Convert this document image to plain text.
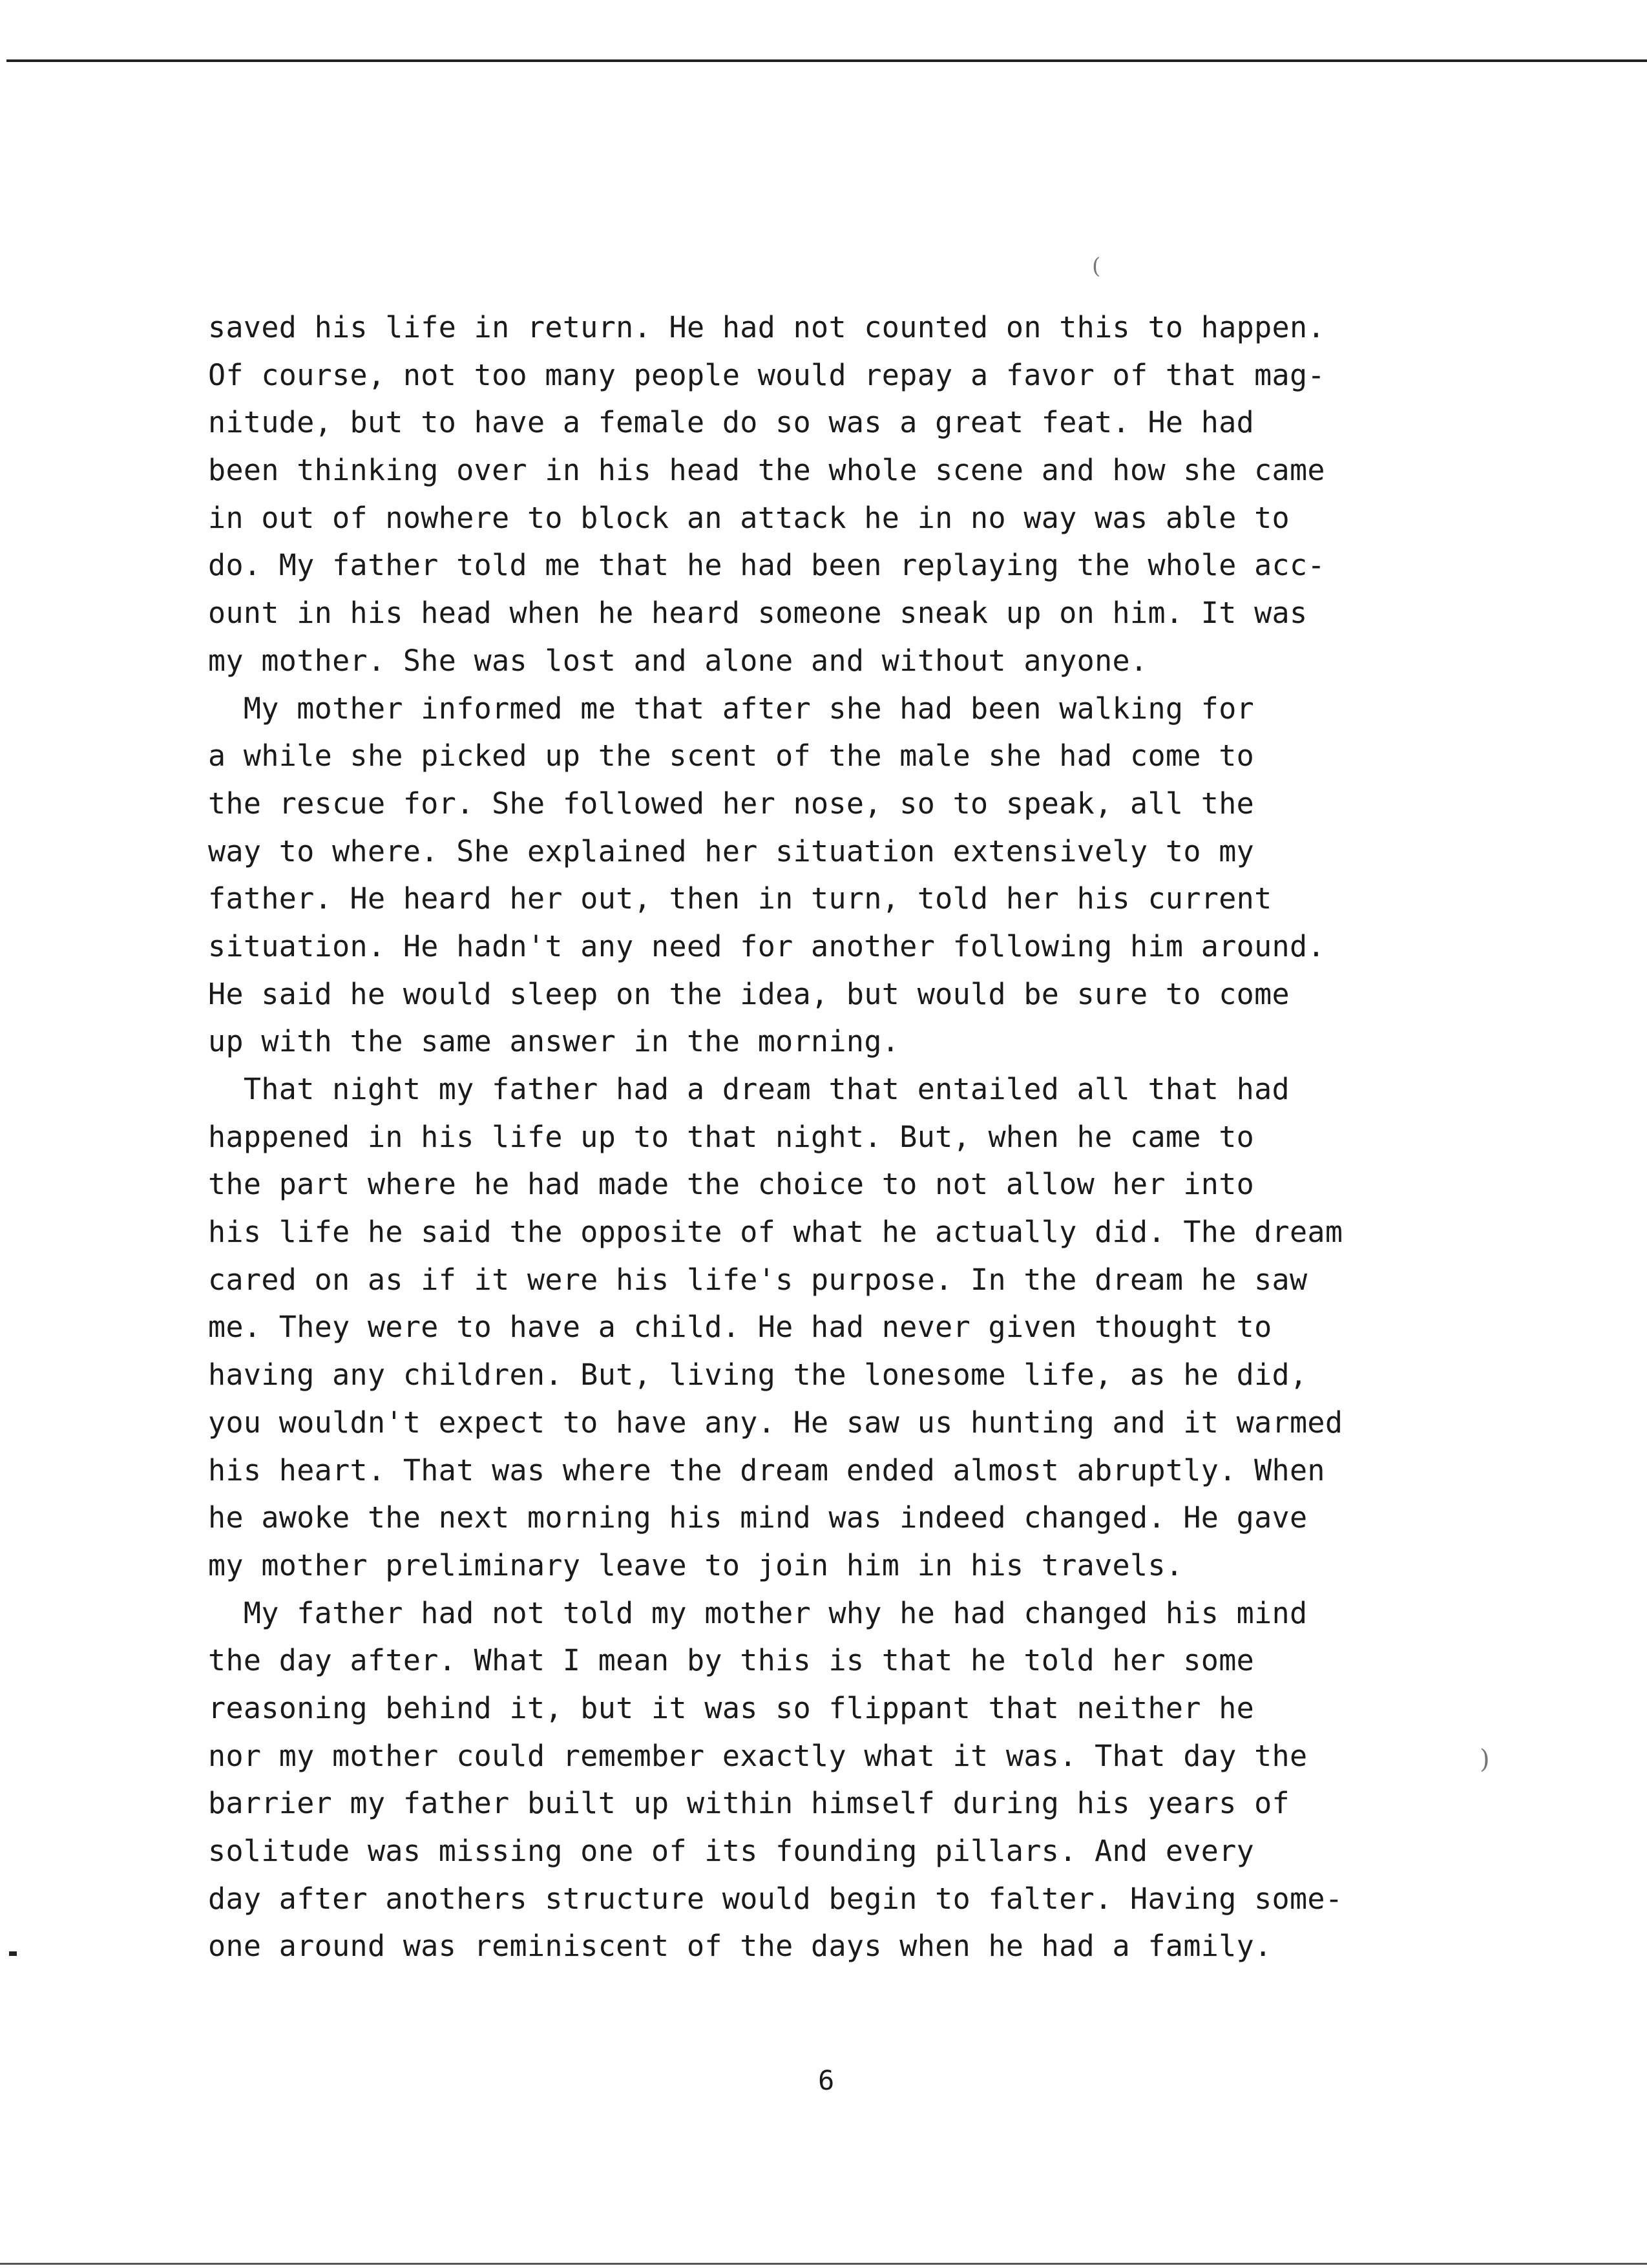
(
saved his life in return. He had not counted on this to happen.
Of course, not too many people would repay a favor of that mag-
nitude, but to have a female do so was a great feat. He had
been thinking over in his head the whole scene and how she came
in out of nowhere to block an attack he in no way was able to
do. My father told me that he had been replaying the whole acc-
ount in his head when he heard someone sneak up on him. It was
my mother. She was lost and alone and without anyone.
My mother informed me that after she had been walking for
a while she picked up the scent of the male she had come to
the rescue for. She followed her nose, so to speak, all the
way to where. She explained her situation extensively to my
father. He heard her out, then in turn, told her his current
situation. He hadn't any need for another following him around.
He said he would sleep on the idea, but would be sure to come
up with the same answer in the morning.
That night my father had a dream that entailed all that had
happened in his life up to that night. But, when he came to
the part where he had made the choice to not allow her into
his life he said the opposite of what he actually did. The dream
cared on as if it were his life's purpose. In the dream he saw
me. They were to have a child. He had never given thought to
having any children. But, living the lonesome life, as he did,
you wouldn't expect to have any. He saw us hunting and it warmed
his heart. That was where the dream ended almost abruptly. When
he awoke the next morning his mind was indeed changed. He gave
my mother preliminary leave to join him in his travels.
My father had not told my mother why he had changed his mind
the day after. What I mean by this is that he told her some
reasoning behind it, but it was so flippant that neither he
nor my mother could remember exactly what it was. That day the
barrier my father built up within himself during his years of
solitude was missing one of its founding pillars. And every
day after anothers structure would begin to falter. Having some-
one around was reminiscent of the days when he had a family.
)
6
